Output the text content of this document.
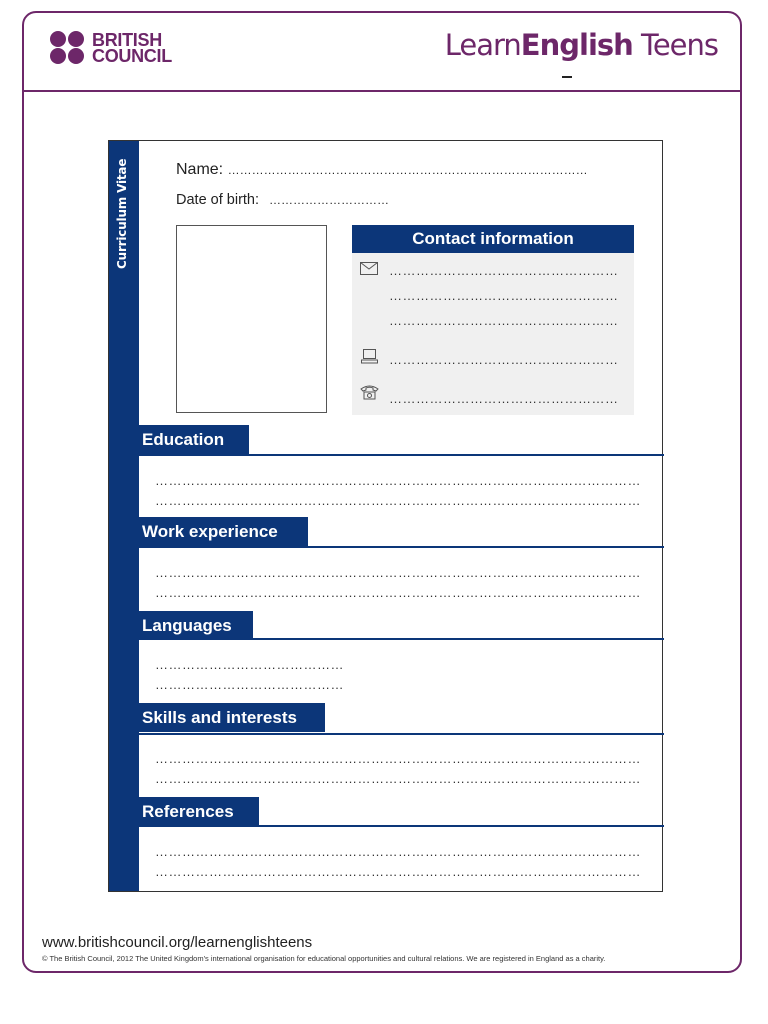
BRITISH
COUNCIL	LearnEnglish Teens
Curriculum Vitae	Name: ………………………………………………………………………………
Date of birth: …………………………
Contact information
……………………………………………
……………………………………………
……………………………………………
……………………………………………
……………………………………………
Education
………………………………………………………………………………………………
………………………………………………………………………………………………
Work experience
………………………………………………………………………………………………
………………………………………………………………………………………………
Languages
……………………………………
……………………………………
Skills and interests
………………………………………………………………………………………………
………………………………………………………………………………………………
References
………………………………………………………………………………………………
………………………………………………………………………………………………
www.britishcouncil.org/learnenglishteens
© The British Council, 2012 The United Kingdom's international organisation for educational opportunities and cultural relations. We are registered in England as a charity.
